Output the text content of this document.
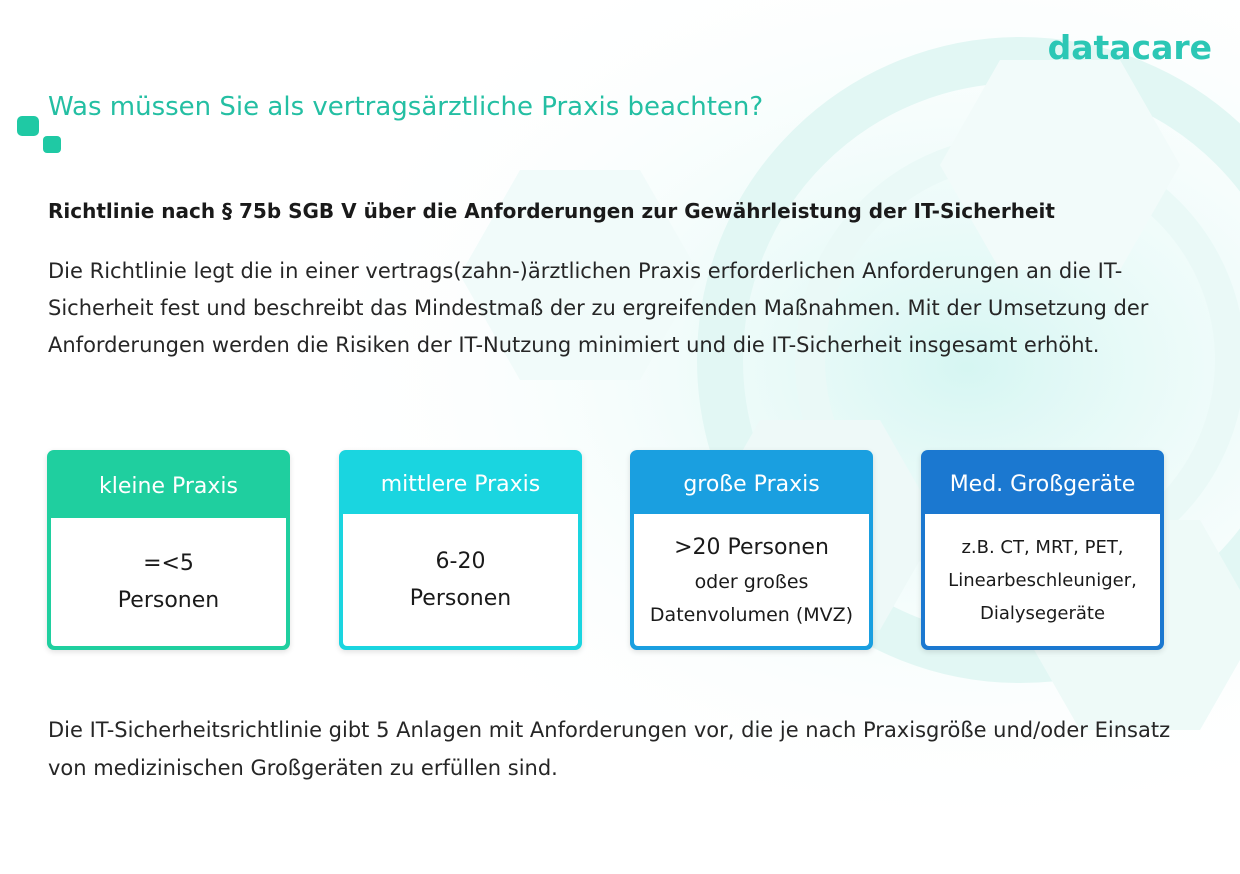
datacare
Was müssen Sie als vertragsärztliche Praxis beachten?
Richtlinie nach § 75b SGB V über die Anforderungen zur Gewährleistung der IT-Sicherheit

Die Richtlinie legt die in einer vertrags(zahn-)ärztlichen Praxis erforderlichen Anforderungen an die IT-Sicherheit fest und beschreibt das Mindestmaß der zu ergreifenden Maßnahmen. Mit der Umsetzung der Anforderungen werden die Risiken der IT-Nutzung minimiert und die IT-Sicherheit insgesamt erhöht.

kleine Praxis
=<5
Personen
mittlere Praxis
6-20
Personen
große Praxis
>20 Personen
oder großes
Datenvolumen (MVZ)
Med. Großgeräte
z.B. CT, MRT, PET,
Linearbeschleuniger,
Dialysegeräte

Die IT-Sicherheitsrichtlinie gibt 5 Anlagen mit Anforderungen vor, die je nach Praxisgröße und/oder Einsatz von medizinischen Großgeräten zu erfüllen sind.
